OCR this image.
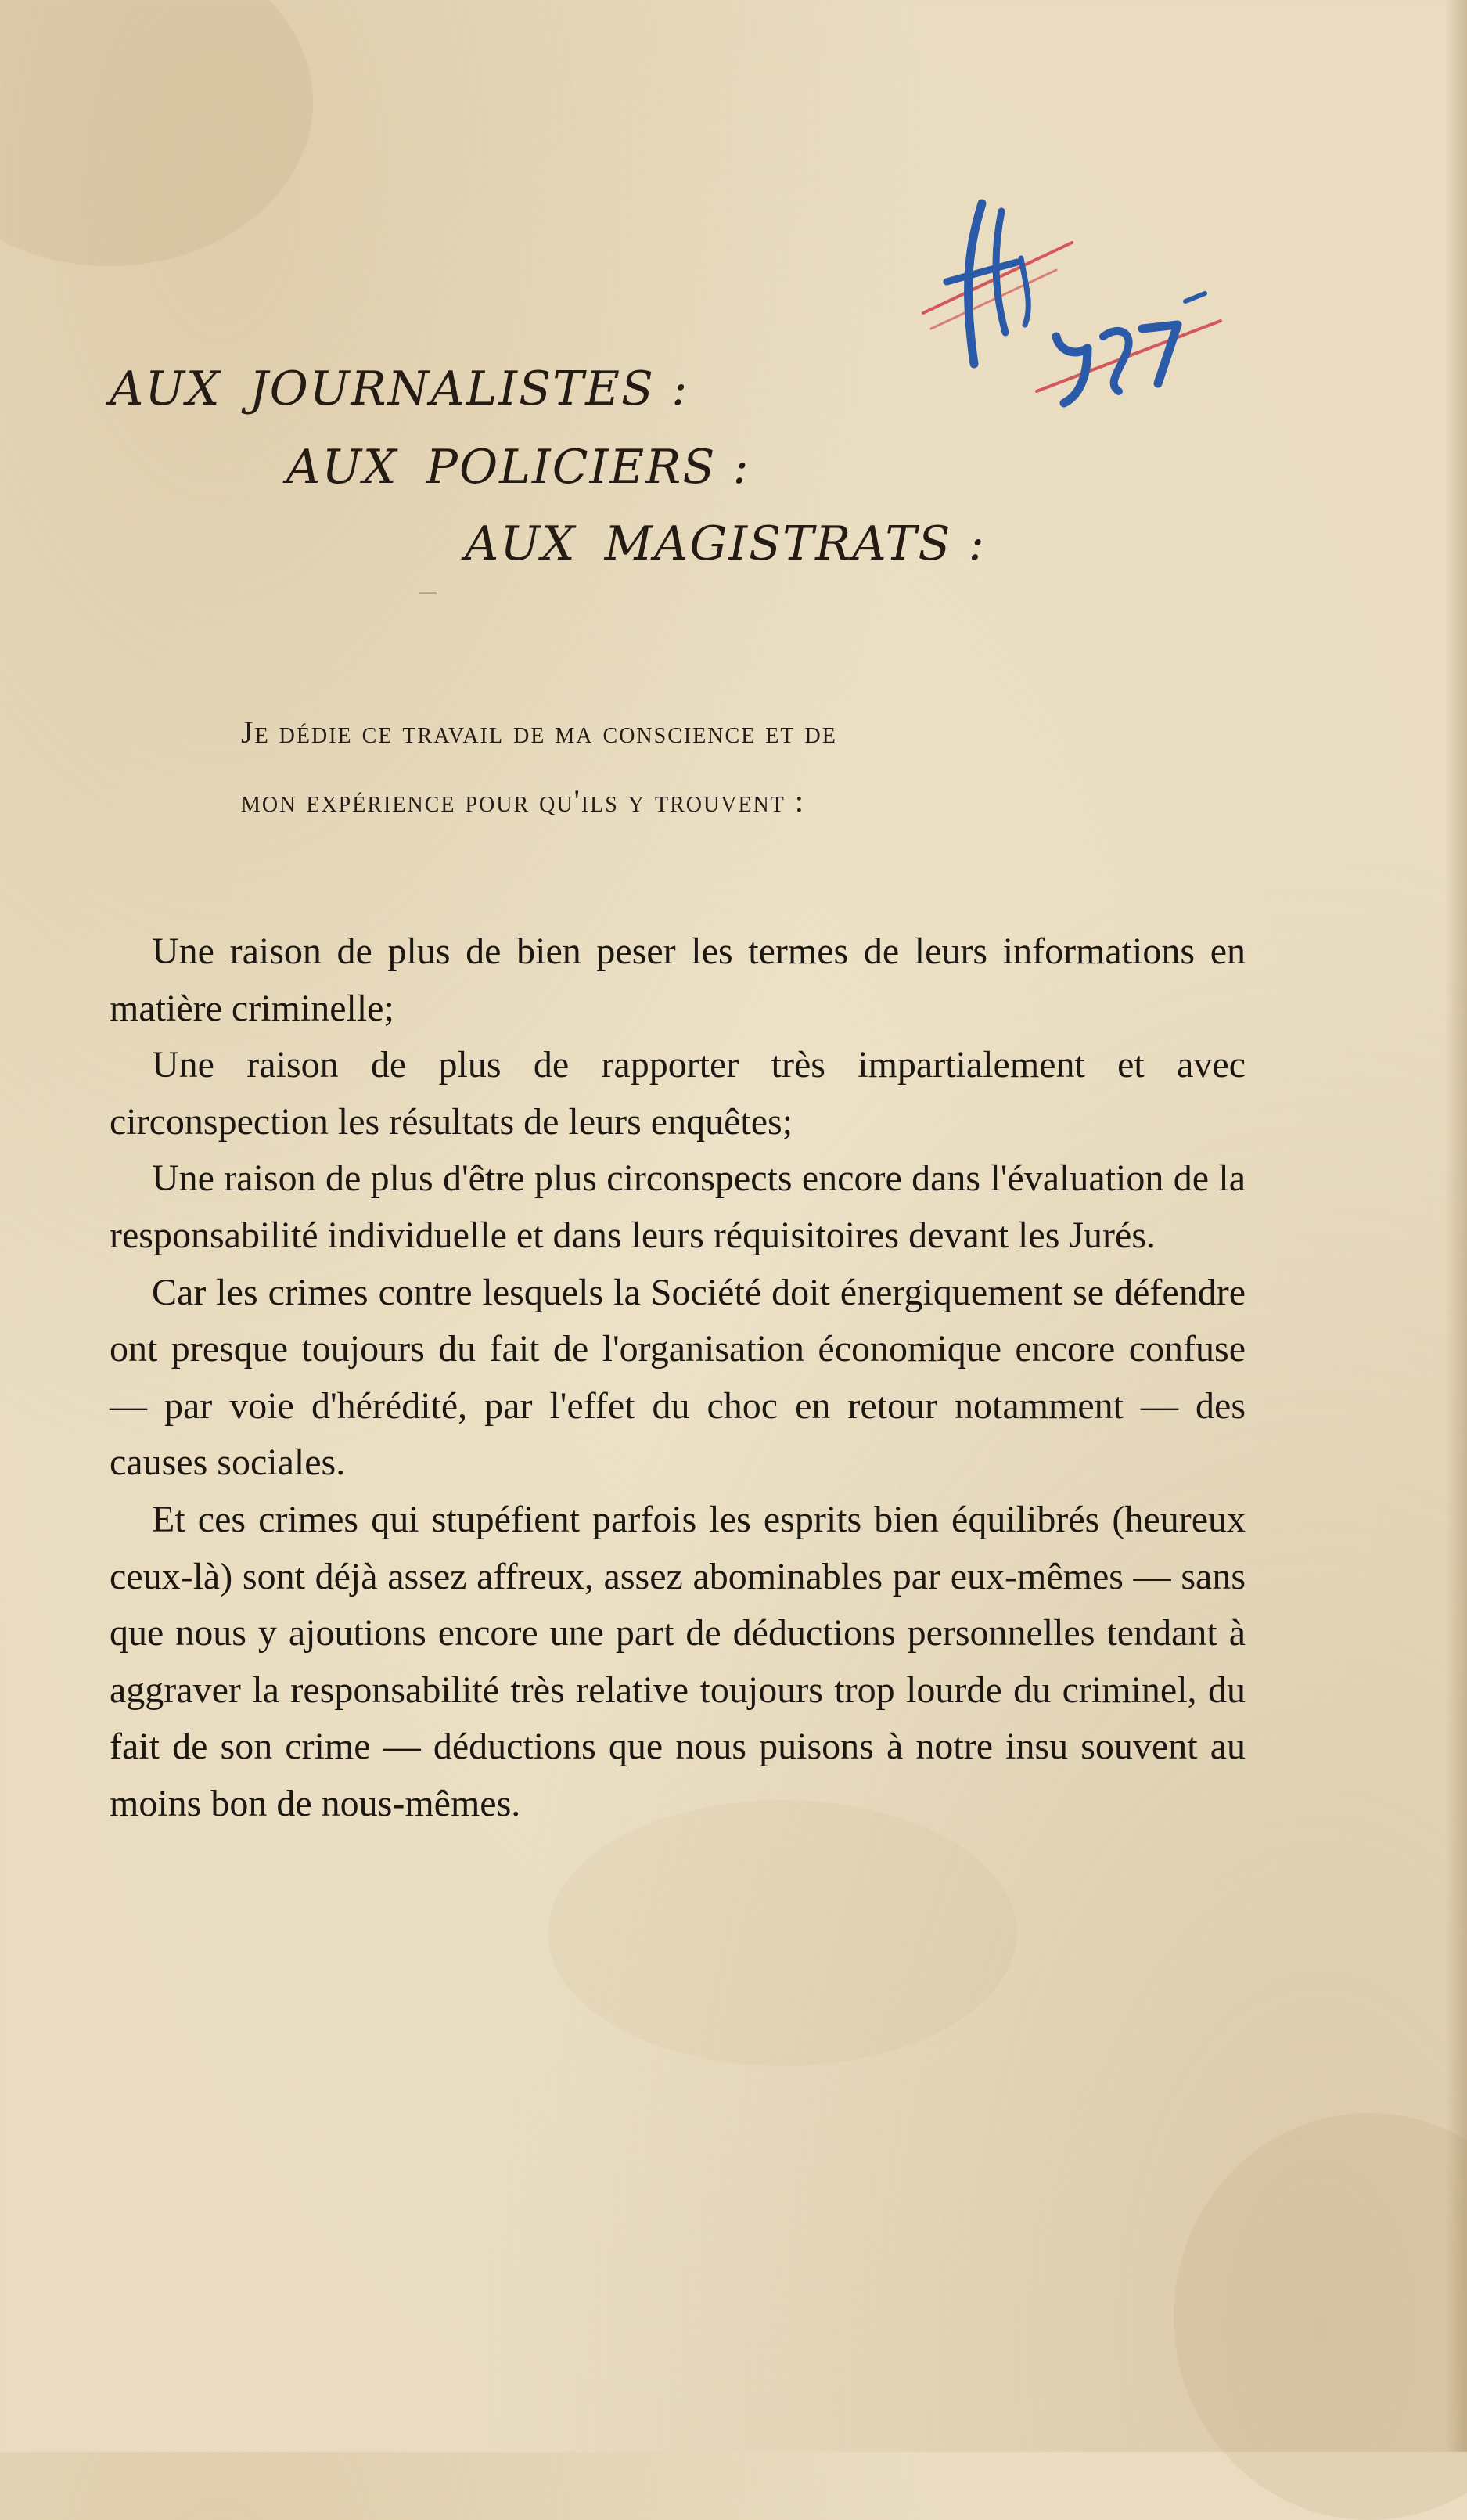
AUX JOURNALISTES :
AUX POLICIERS :
AUX MAGISTRATS :
Je dédie ce travail de ma conscience et de
mon expérience pour qu'ils y trouvent :

Une raison de plus de bien peser les termes de leurs informations en matière criminelle;

Une raison de plus de rapporter très impartialement et avec circonspection les résultats de leurs enquêtes;

Une raison de plus d'être plus circonspects encore dans l'évaluation de la responsabilité individuelle et dans leurs réquisitoires devant les Jurés.

Car les crimes contre lesquels la Société doit énergiquement se défendre ont presque toujours du fait de l'organisation économique encore confuse — par voie d'hérédité, par l'effet du choc en retour notamment — des causes sociales.

Et ces crimes qui stupéfient parfois les esprits bien équilibrés (heureux ceux-là) sont déjà assez affreux, assez abominables par eux-mêmes — sans que nous y ajoutions encore une part de déductions personnelles tendant à aggraver la responsabilité très relative toujours trop lourde du criminel, du fait de son crime — déductions que nous puisons à notre insu souvent au moins bon de nous-mêmes.
